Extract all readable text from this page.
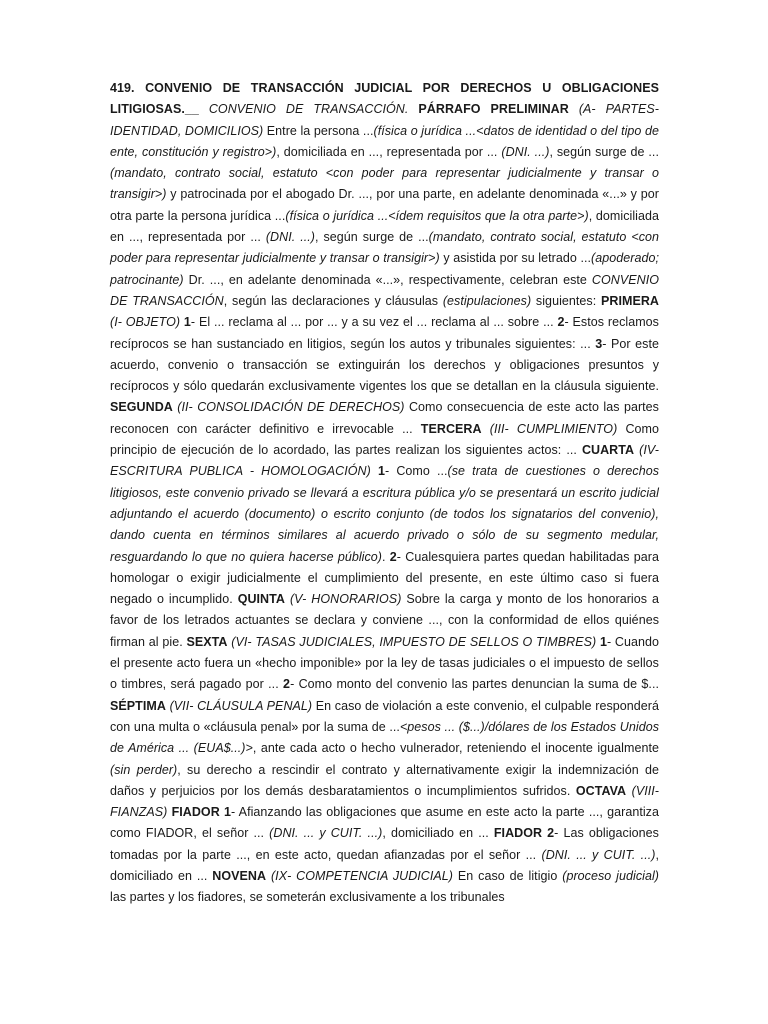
419. CONVENIO DE TRANSACCIÓN JUDICIAL POR DERECHOS U OBLIGACIONES LITIGIOSAS.__ CONVENIO DE TRANSACCIÓN. PÁRRAFO PRELIMINAR (A- PARTES- IDENTIDAD, DOMICILIOS) Entre la persona ...(física o jurídica ...<datos de identidad o del tipo de ente, constitución y registro>), domiciliada en ..., representada por ... (DNI. ...), según surge de ...(mandato, contrato social, estatuto <con poder para representar judicialmente y transar o transigir>) y patrocinada por el abogado Dr. ..., por una parte, en adelante denominada «...» y por otra parte la persona jurídica ...(física o jurídica ...<ídem requisitos que la otra parte>), domiciliada en ..., representada por ... (DNI. ...), según surge de ...(mandato, contrato social, estatuto <con poder para representar judicialmente y transar o transigir>) y asistida por su letrado ...(apoderado; patrocinante) Dr. ..., en adelante denominada «...», respectivamente, celebran este CONVENIO DE TRANSACCIÓN, según las declaraciones y cláusulas (estipulaciones) siguientes: PRIMERA (I- OBJETO) 1- El ... reclama al ... por ... y a su vez el ... reclama al ... sobre ... 2- Estos reclamos recíprocos se han sustanciado en litigios, según los autos y tribunales siguientes: ... 3- Por este acuerdo, convenio o transacción se extinguirán los derechos y obligaciones presuntos y recíprocos y sólo quedarán exclusivamente vigentes los que se detallan en la cláusula siguiente. SEGUNDA (II- CONSOLIDACIÓN DE DERECHOS) Como consecuencia de este acto las partes reconocen con carácter definitivo e irrevocable ... TERCERA (III- CUMPLIMIENTO) Como principio de ejecución de lo acordado, las partes realizan los siguientes actos: ... CUARTA (IV- ESCRITURA PUBLICA - HOMOLOGACIÓN) 1- Como ...(se trata de cuestiones o derechos litigiosos, este convenio privado se llevará a escritura pública y/o se presentará un escrito judicial adjuntando el acuerdo (documento) o escrito conjunto (de todos los signatarios del convenio), dando cuenta en términos similares al acuerdo privado o sólo de su segmento medular, resguardando lo que no quiera hacerse público). 2- Cualesquiera partes quedan habilitadas para homologar o exigir judicialmente el cumplimiento del presente, en este último caso si fuera negado o incumplido. QUINTA (V- HONORARIOS) Sobre la carga y monto de los honorarios a favor de los letrados actuantes se declara y conviene ..., con la conformidad de ellos quiénes firman al pie. SEXTA (VI- TASAS JUDICIALES, IMPUESTO DE SELLOS O TIMBRES) 1- Cuando el presente acto fuera un «hecho imponible» por la ley de tasas judiciales o el impuesto de sellos o timbres, será pagado por ... 2- Como monto del convenio las partes denuncian la suma de $... SÉPTIMA (VII- CLÁUSULA PENAL) En caso de violación a este convenio, el culpable responderá con una multa o «cláusula penal» por la suma de ...<pesos ... ($...)/dólares de los Estados Unidos de América ... (EUA$...)>, ante cada acto o hecho vulnerador, reteniendo el inocente igualmente (sin perder), su derecho a rescindir el contrato y alternativamente exigir la indemnización de daños y perjuicios por los demás desbaratamientos o incumplimientos sufridos. OCTAVA (VIII- FIANZAS) FIADOR 1- Afianzando las obligaciones que asume en este acto la parte ..., garantiza como FIADOR, el señor ... (DNI. ... y CUIT. ...), domiciliado en ... FIADOR 2- Las obligaciones tomadas por la parte ..., en este acto, quedan afianzadas por el señor ... (DNI. ... y CUIT. ...), domiciliado en ... NOVENA (IX- COMPETENCIA JUDICIAL) En caso de litigio (proceso judicial) las partes y los fiadores, se someterán exclusivamente a los tribunales
